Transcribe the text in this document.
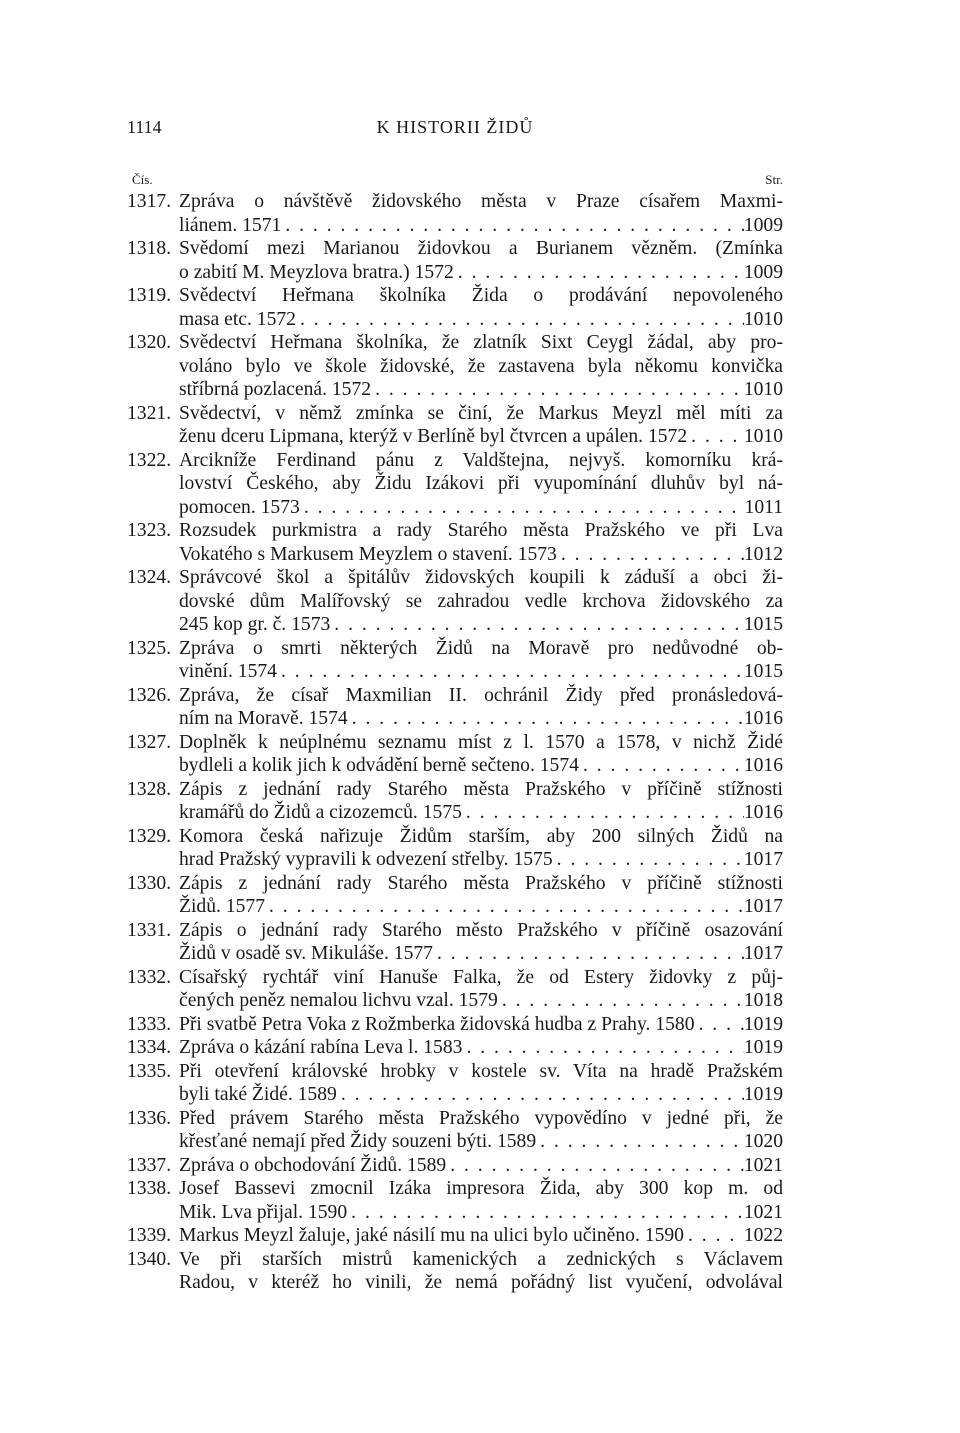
1114	K HISTORII ŽIDŮ
Čís.	Str.
1317. Zpráva o návštěvě židovského města v Praze císařem Maxmi-
liánem. 1571 . . .	1009
1318. Svědomí mezi Marianou židovkou a Burianem vězněm. (Zmínka
o zabití M. Meyzlova bratra.) 1572 . . .	1009
1319. Svědectví Heřmana školníka Žida o prodávání nepovoleného
masa etc. 1572 . . .	1010
1320. Svědectví Heřmana školníka, že zlatník Sixt Ceygl žádal, aby pro-
voláno bylo ve škole židovské, že zastavena byla někomu konvička
stříbrná pozlacená. 1572 . . .	1010
1321. Svědectví, v němž zmínka se činí, že Markus Meyzl měl míti za
ženu dceru Lipmana, kterýž v Berlíně byl čtvrcen a upálen. 1572 . . .	1010
1322. Arcikníže Ferdinand pánu z Valdštejna, nejvyš. komorníku krá-
lovství Českého, aby Židu Izákovi při vyupomínání dluhův byl ná-
pomocen. 1573 . . .	1011
1323. Rozsudek purkmistra a rady Starého města Pražského ve při Lva
Vokatého s Markusem Meyzlem o stavení. 1573 . . .	1012
1324. Správcové škol a špitálův židovských koupili k záduší a obci ži-
dovské dům Malířovský se zahradou vedle krchova židovského za
245 kop gr. č. 1573 . . .	1015
1325. Zpráva o smrti některých Židů na Moravě pro nedůvodné ob-
vinění. 1574 . . .	1015
1326. Zpráva, že císař Maxmilian II. ochránil Židy před pronásledová-
ním na Moravě. 1574 . . .	1016
1327. Doplněk k neúplnému seznamu míst z l. 1570 a 1578, v nichž Židé
bydleli a kolik jich k odvádění berně sečteno. 1574 . . .	1016
1328. Zápis z jednání rady Starého města Pražského v příčině stížnosti
kramářů do Židů a cizozemců. 1575 . . .	1016
1329. Komora česká nařizuje Židům starším, aby 200 silných Židů na
hrad Pražský vypravili k odvezení střelby. 1575 . . .	1017
1330. Zápis z jednání rady Starého města Pražského v příčině stížnosti
Židů. 1577 . . .	1017
1331. Zápis o jednání rady Starého město Pražského v příčině osazování
Židů v osadě sv. Mikuláše. 1577 . . .	1017
1332. Císařský rychtář viní Hanuše Falka, že od Estery židovky z půj-
čených peněz nemalou lichvu vzal. 1579 . . .	1018
1333. Při svatbě Petra Voka z Rožmberka židovská hudba z Prahy. 1580 . . .	1019
1334. Zpráva o kázání rabína Leva l. 1583 . . .	1019
1335. Při otevření královské hrobky v kostele sv. Víta na hradě Pražském
byli také Židé. 1589 . . .	1019
1336. Před právem Starého města Pražského vypovědíno v jedné při, že
křesťané nemají před Židy souzeni býti. 1589 . . .	1020
1337. Zpráva o obchodování Židů. 1589 . . .	1021
1338. Josef Bassevi zmocnil Izáka impresora Žida, aby 300 kop m. od
Mik. Lva přijal. 1590 . . .	1021
1339. Markus Meyzl žaluje, jaké násilí mu na ulici bylo učiněno. 1590 . . .	1022
1340. Ve při starších mistrů kamenických a zednických s Václavem
Radou, v kteréž ho vinili, že nemá pořádný list vyučení, odvolával
